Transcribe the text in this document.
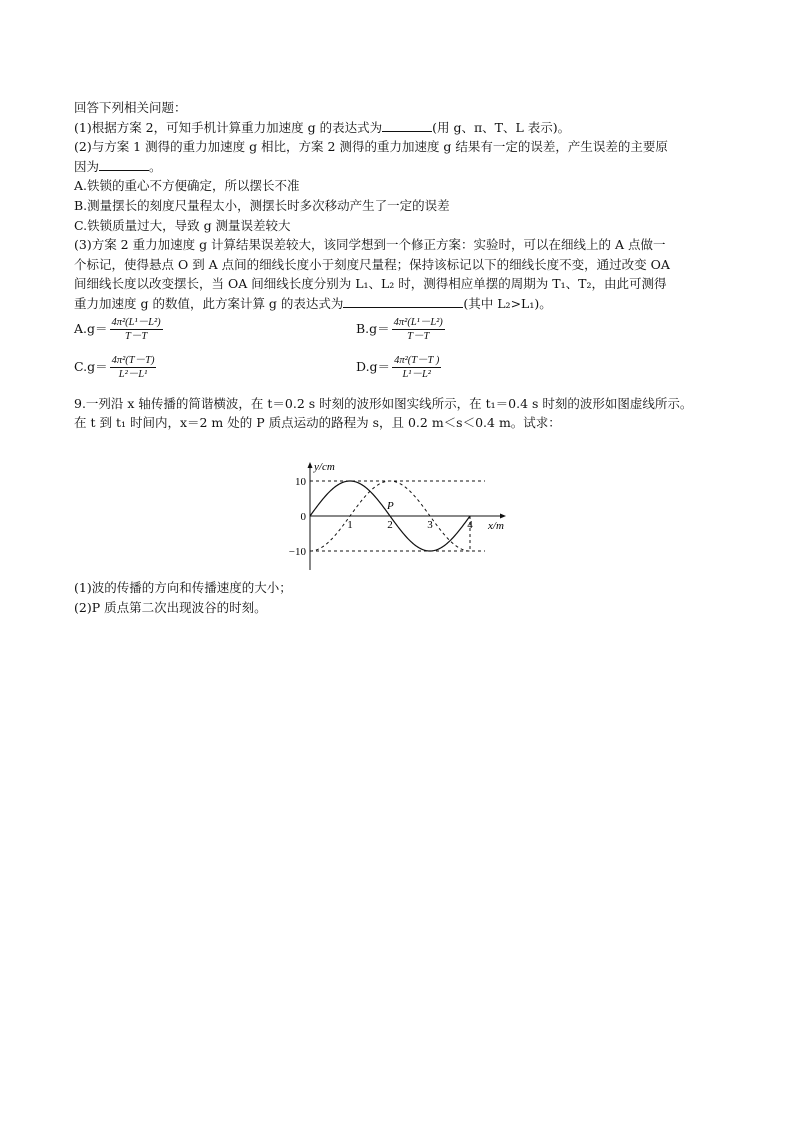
回答下列相关问题：
(1)根据方案 2，可知手机计算重力加速度 g 的表达式为	(用 g、π、T、L 表示)。
(2)与方案 1 测得的重力加速度 g 相比，方案 2 测得的重力加速度 g 结果有一定的误差，产生误差的主要原
因为	。
A.铁锁的重心不方便确定，所以摆长不准
B.测量摆长的刻度尺量程太小，测摆长时多次移动产生了一定的误差
C.铁锁质量过大，导致 g 测量误差较大
(3)方案 2 重力加速度 g 计算结果误差较大，该同学想到一个修正方案：实验时，可以在细线上的 A 点做一
个标记，使得悬点 O 到 A 点间的细线长度小于刻度尺量程；保持该标记以下的细线长度不变，通过改变 OA
间细线长度以改变摆长，当 OA 间细线长度分别为 L₁、L₂ 时，测得相应单摆的周期为 T₁、T₂，由此可测得
重力加速度 g 的数值，此方案计算 g 的表达式为	(其中 L₂>L₁)。
$A.g= \frac{\text{4π²(L¹－L²)}}{T-T}$	$B.g= \frac{\text{4π²(L¹－L²)}}{T-T}$
$C.g= \frac{\text{4π²(T－T)}}{\text{L²－L¹}}$	$D.g= \frac{\text{4π²(T－T )}}{\text{L¹－L²}}$
9.一列沿 x 轴传播的简谐横波，在 t＝0.2 s 时刻的波形如图实线所示，在 t₁＝0.4 s 时刻的波形如图虚线所示。
在 t 到 t₁ 时间内，x＝2 m 处的 P 质点运动的路程为 s，且 0.2 m＜s＜0.4 m。试求：
y/cm
x/m
10
0
−10
1	2	3	4
P
(1)波的传播的方向和传播速度的大小；
(2)P 质点第二次出现波谷的时刻。
